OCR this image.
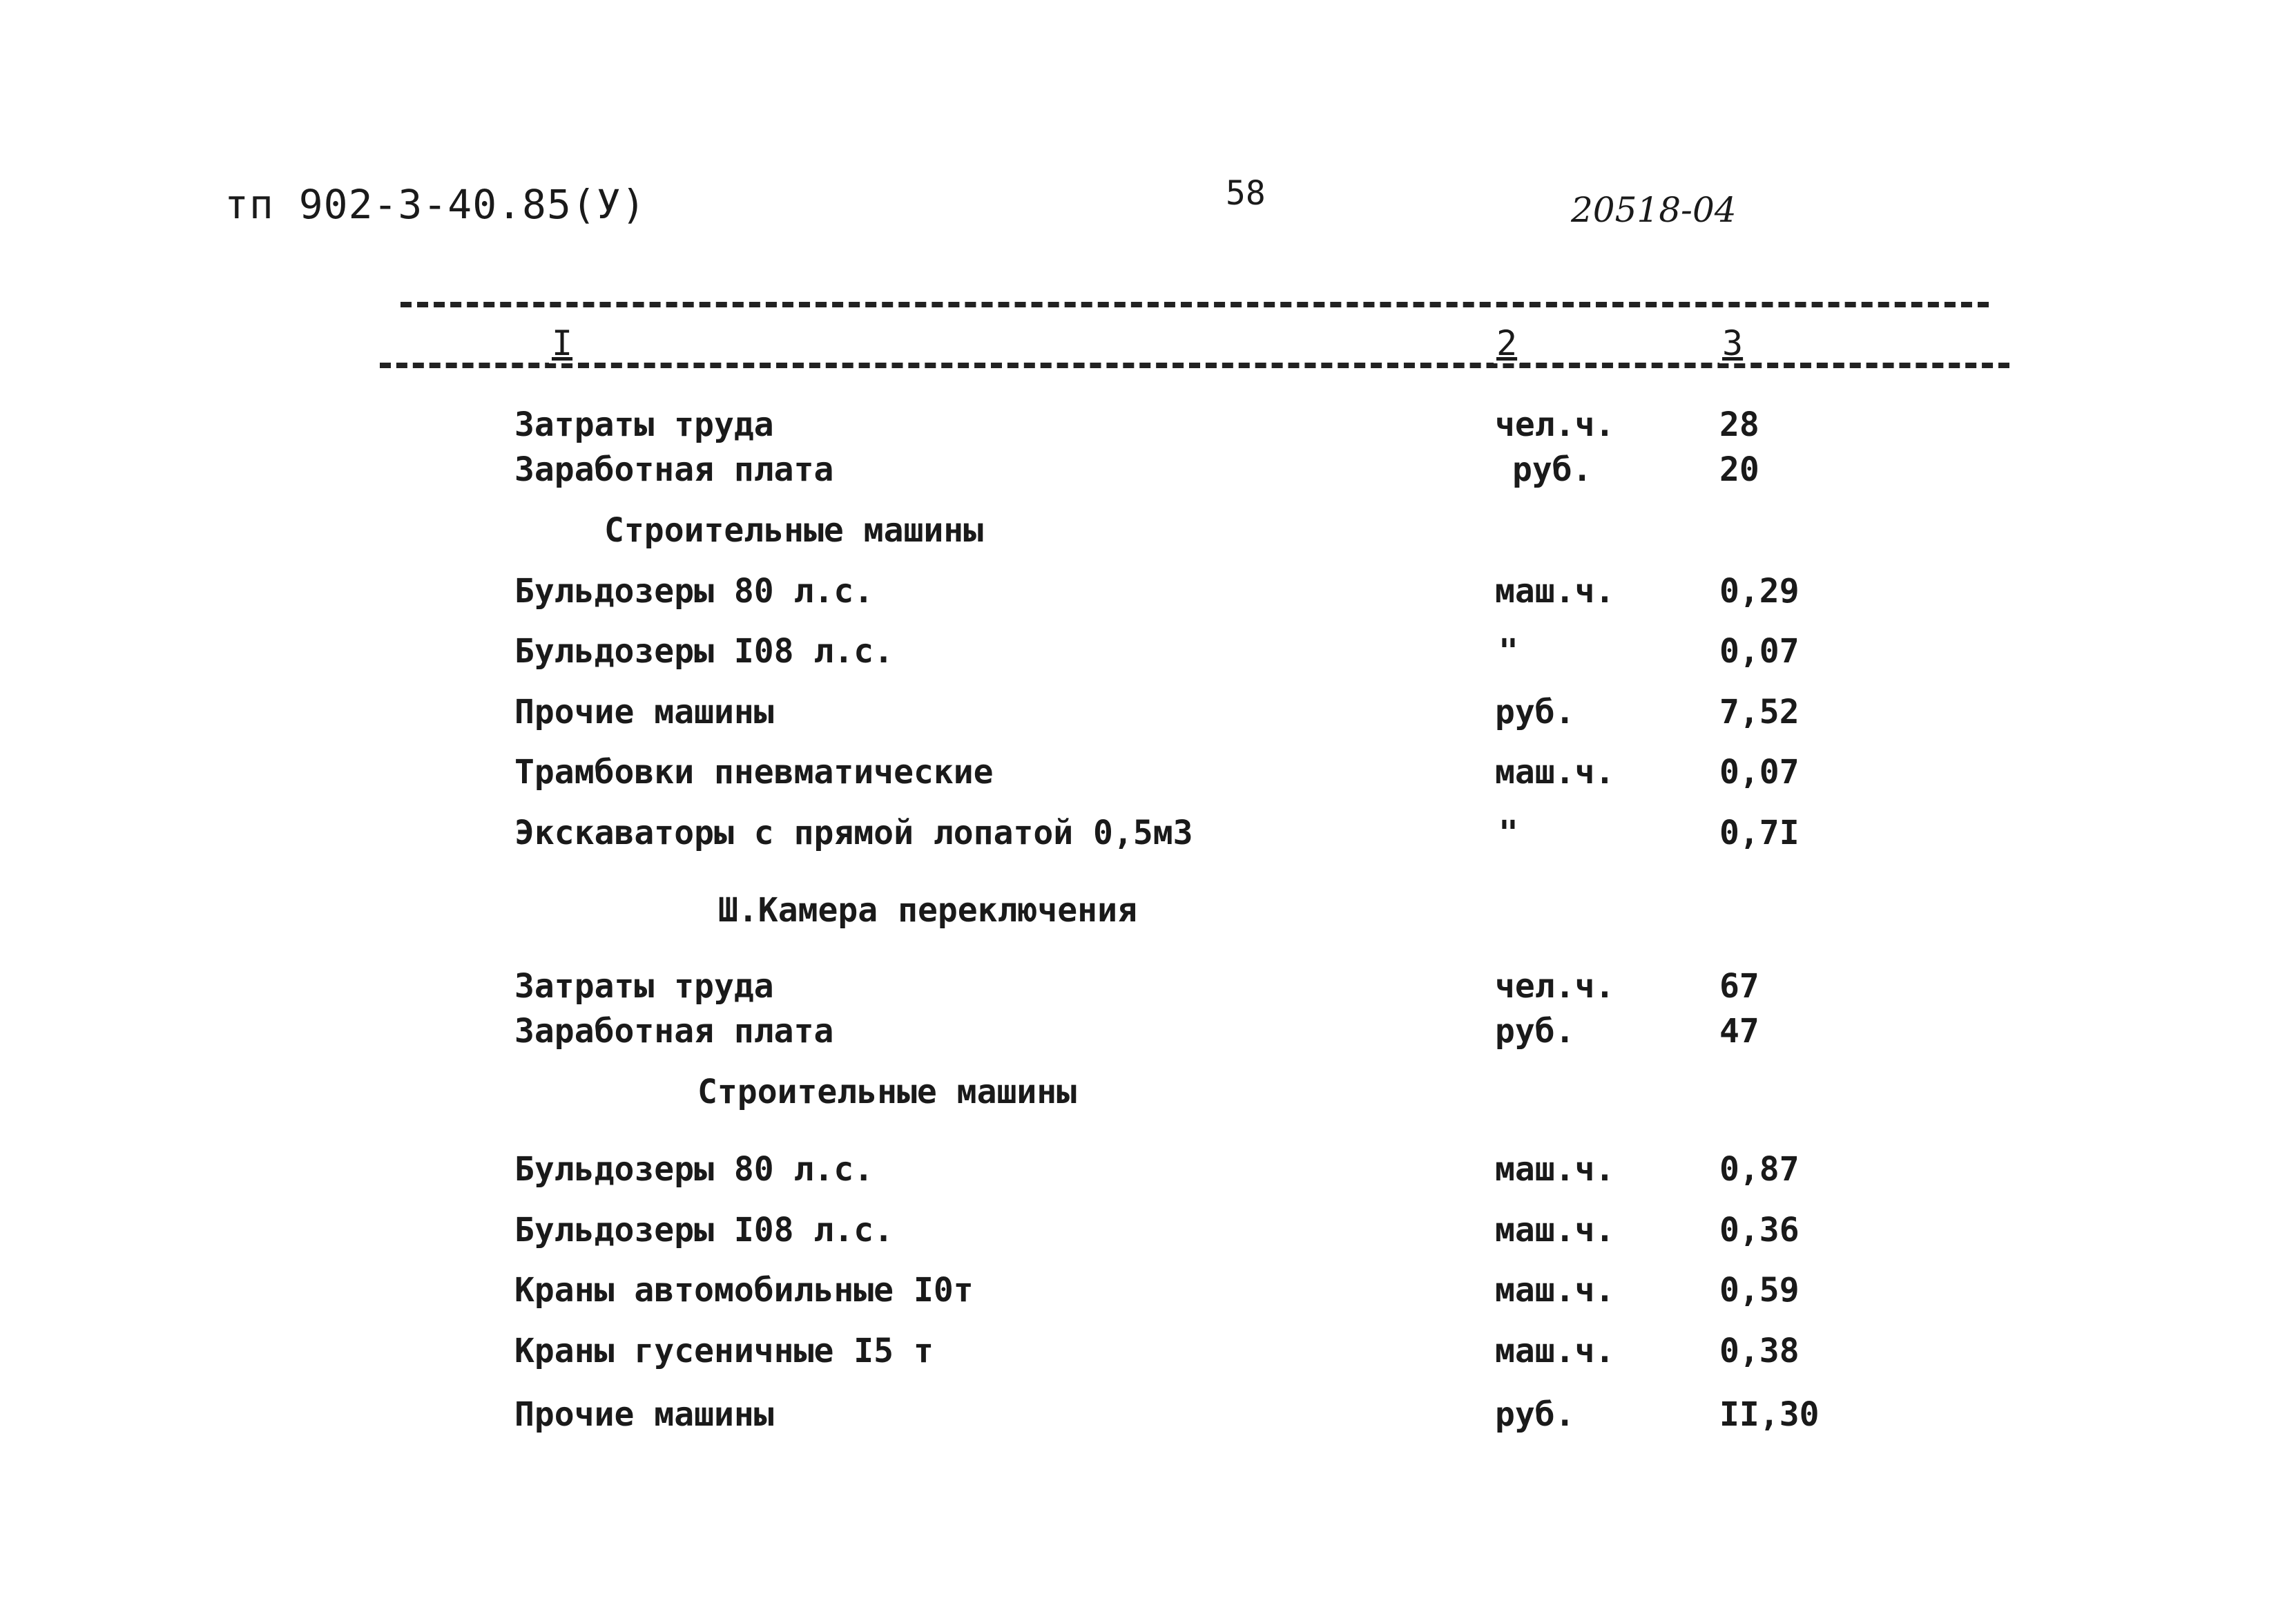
тп 902-3-40.85(У)	58	20518-04
I	2	3
Затраты труда	чел.ч.	28
Заработная плата	руб.	20
Строительные машины
Бульдозеры 80 л.с.	маш.ч.	0,29
Бульдозеры I08 л.с.	"	0,07
Прочие машины	руб.	7,52
Трамбовки пневматические	маш.ч.	0,07
Экскаваторы с прямой лопатой 0,5м3	"	0,7I
Ш.Камера переключения
Затраты труда	чел.ч.	67
Заработная плата	руб.	47
Строительные машины
Бульдозеры 80 л.с.	маш.ч.	0,87
Бульдозеры I08 л.с.	маш.ч.	0,36
Краны автомобильные I0т	маш.ч.	0,59
Краны гусеничные I5 т	маш.ч.	0,38
Прочие машины	руб.	II,30
